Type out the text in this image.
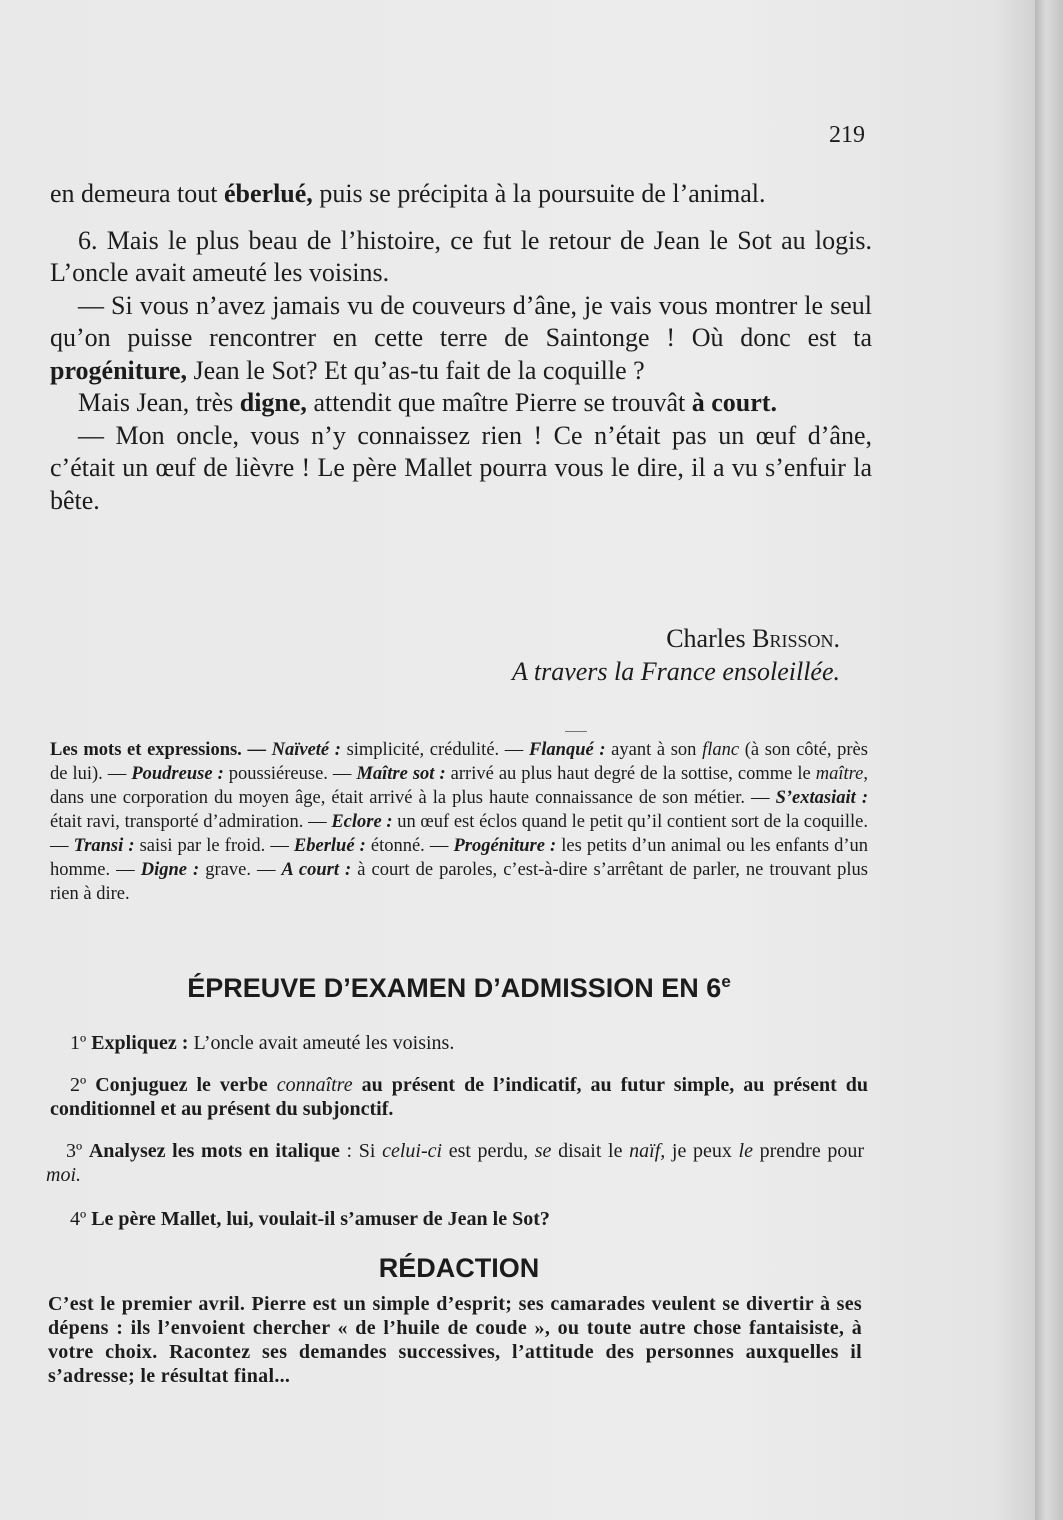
219

en demeura tout éberlué, puis se précipita à la poursuite de l’animal.

6. Mais le plus beau de l’histoire, ce fut le retour de Jean le Sot au logis. L’oncle avait ameuté les voisins.

— Si vous n’avez jamais vu de couveurs d’âne, je vais vous montrer le seul qu’on puisse rencontrer en cette terre de Saintonge ! Où donc est ta progéniture, Jean le Sot? Et qu’as-tu fait de la coquille ?

Mais Jean, très digne, attendit que maître Pierre se trouvât à court.

— Mon oncle, vous n’y connaissez rien ! Ce n’était pas un œuf d’âne, c’était un œuf de lièvre ! Le père Mallet pourra vous le dire, il a vu s’enfuir la bête.

Charles Brisson.
A travers la France ensoleillée.
Les mots et expressions. — Naïveté : simplicité, crédulité. — Flanqué : ayant à son flanc (à son côté, près de lui). — Poudreuse : poussiéreuse. — Maître sot : arrivé au plus haut degré de la sottise, comme le maître, dans une corporation du moyen âge, était arrivé à la plus haute connaissance de son métier. — S’extasiait : était ravi, transporté d’admiration. — Eclore : un œuf est éclos quand le petit qu’il contient sort de la coquille. — Transi : saisi par le froid. — Eberlué : étonné. — Progéniture : les petits d’un animal ou les enfants d’un homme. — Digne : grave. — A court : à court de paroles, c’est-à-dire s’arrêtant de parler, ne trouvant plus rien à dire.
ÉPREUVE D’EXAMEN D’ADMISSION EN 6e
1º Expliquez : L’oncle avait ameuté les voisins.
2º Conjuguez le verbe connaître au présent de l’indicatif, au futur simple, au présent du conditionnel et au présent du subjonctif.
3º Analysez les mots en italique : Si celui-ci est perdu, se disait le naïf, je peux le prendre pour moi.
4º Le père Mallet, lui, voulait-il s’amuser de Jean le Sot?
RÉDACTION
C’est le premier avril. Pierre est un simple d’esprit; ses camarades veulent se divertir à ses dépens : ils l’envoient chercher « de l’huile de coude », ou toute autre chose fantaisiste, à votre choix. Racontez ses demandes successives, l’attitude des personnes auxquelles il s’adresse; le résultat final...
